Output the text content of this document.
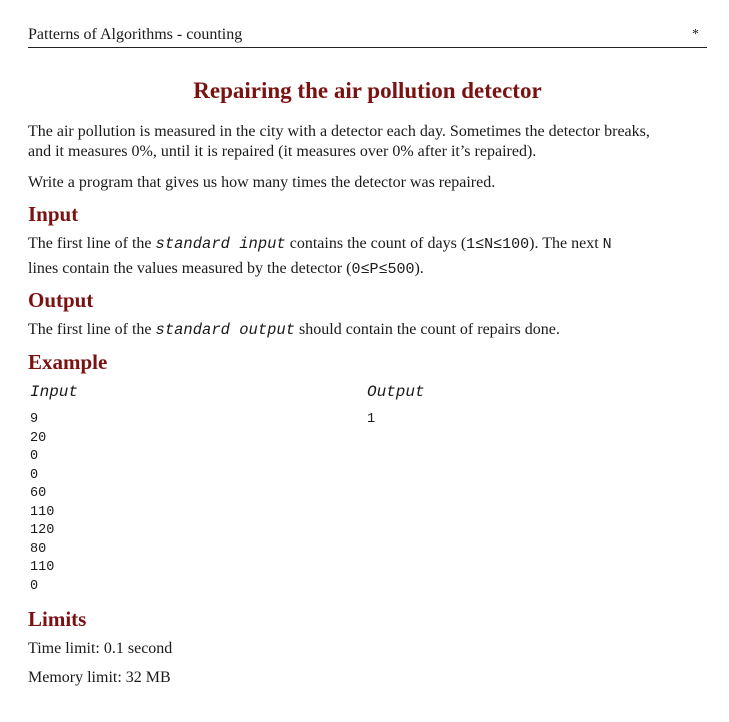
Patterns of Algorithms - counting	*
Repairing the air pollution detector
The air pollution is measured in the city with a detector each day. Sometimes the detector breaks,
and it measures 0%, until it is repaired (it measures over 0% after it’s repaired).
Write a program that gives us how many times the detector was repaired.
Input
The first line of the standard input contains the count of days (1≤N≤100). The next N
lines contain the values measured by the detector (0≤P≤500).
Output
The first line of the standard output should contain the count of repairs done.
Example
Input	Output
9
20
0
0
60
110
120
80
110
0
1
Limits
Time limit: 0.1 second
Memory limit: 32 MB
